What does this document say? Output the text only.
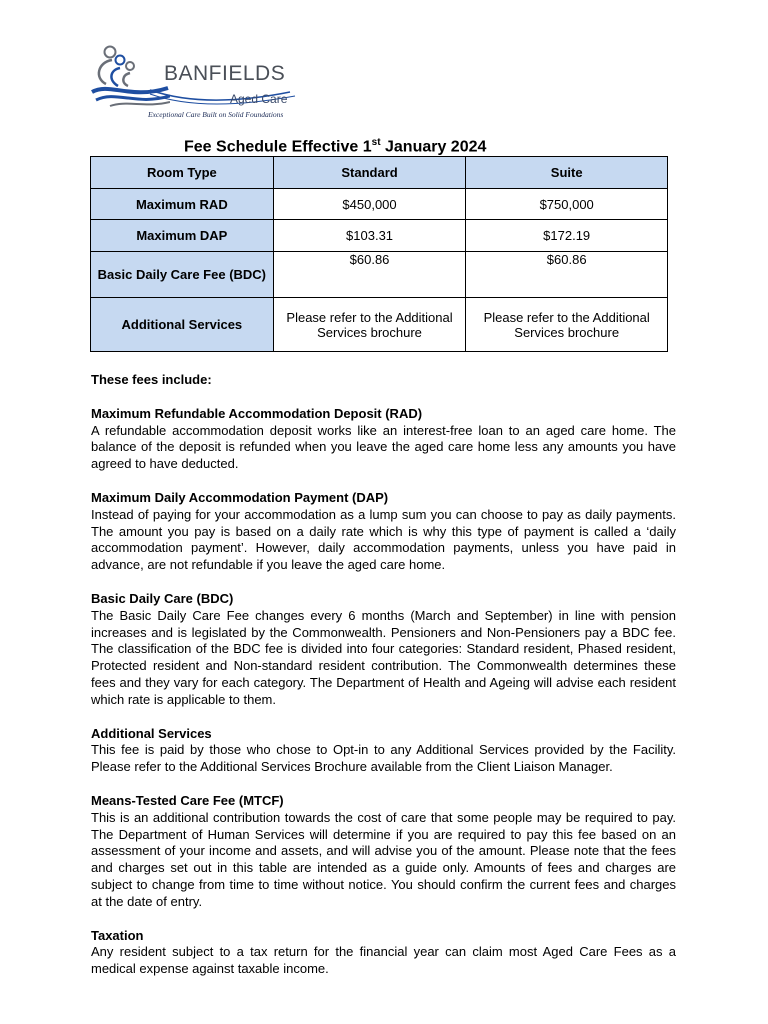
BANFIELDS
Aged Care
Exceptional Care Built on Solid Foundations
Fee Schedule Effective 1st January 2024
Room Type	Standard	Suite
Maximum RAD	$450,000	$750,000
Maximum DAP	$103.31	$172.19
Basic Daily Care Fee (BDC)	$60.86	$60.86
Additional Services	Please refer to the Additional Services brochure	Please refer to the Additional Services brochure

These fees include:

Maximum Refundable Accommodation Deposit (RAD)

A refundable accommodation deposit works like an interest-free loan to an aged care home. The balance of the deposit is refunded when you leave the aged care home less any amounts you have agreed to have deducted.

Maximum Daily Accommodation Payment (DAP)

Instead of paying for your accommodation as a lump sum you can choose to pay as daily payments. The amount you pay is based on a daily rate which is why this type of payment is called a ‘daily accommodation payment’. However, daily accommodation payments, unless you have paid in advance, are not refundable if you leave the aged care home.

Basic Daily Care (BDC)

The Basic Daily Care Fee changes every 6 months (March and September) in line with pension increases and is legislated by the Commonwealth. Pensioners and Non-Pensioners pay a BDC fee. The classification of the BDC fee is divided into four categories: Standard resident, Phased resident, Protected resident and Non-standard resident contribution. The Commonwealth determines these fees and they vary for each category. The Department of Health and Ageing will advise each resident which rate is applicable to them.

Additional Services

This fee is paid by those who chose to Opt-in to any Additional Services provided by the Facility. Please refer to the Additional Services Brochure available from the Client Liaison Manager.

Means-Tested Care Fee (MTCF)

This is an additional contribution towards the cost of care that some people may be required to pay. The Department of Human Services will determine if you are required to pay this fee based on an assessment of your income and assets, and will advise you of the amount. Please note that the fees and charges set out in this table are intended as a guide only. Amounts of fees and charges are subject to change from time to time without notice. You should confirm the current fees and charges at the date of entry.

Taxation

Any resident subject to a tax return for the financial year can claim most Aged Care Fees as a medical expense against taxable income.
